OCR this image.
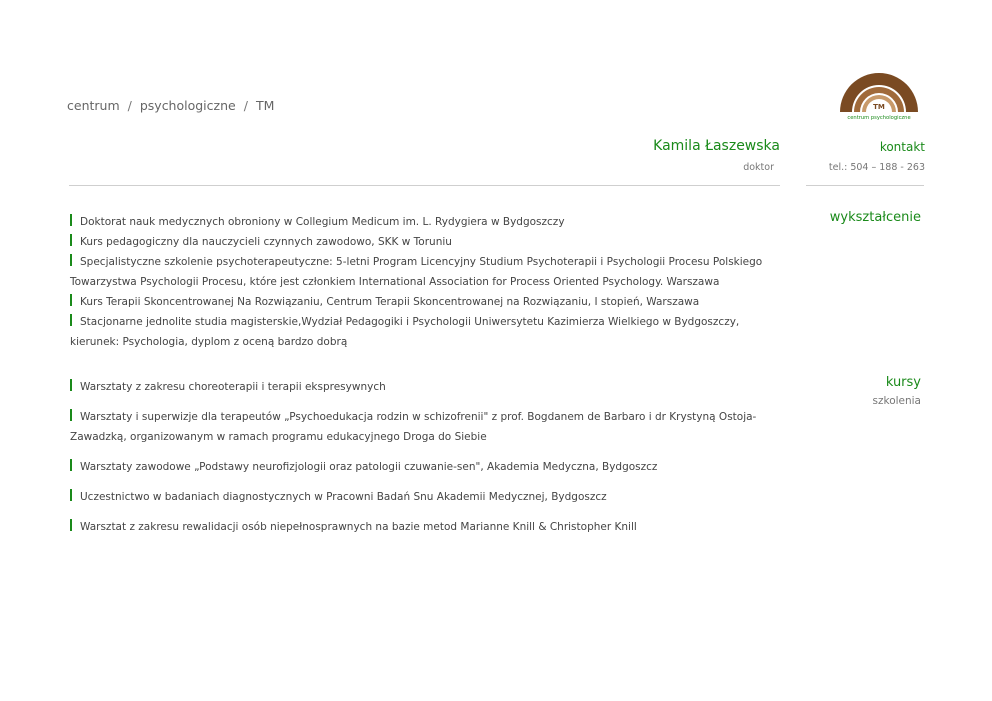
centrum / psychologiczne / TM	TM
centrum psychologiczne
Kamila Łaszewska
doktor
kontakt
tel.: 504 – 188 - 263
wykształcenie
Doktorat nauk medycznych obroniony w Collegium Medicum im. L. Rydygiera w Bydgoszczy
Kurs pedagogiczny dla nauczycieli czynnych zawodowo, SKK w Toruniu
Specjalistyczne szkolenie psychoterapeutyczne: 5-letni Program Licencyjny Studium Psychoterapii i Psychologii Procesu Polskiego Towarzystwa Psychologii Procesu, które jest członkiem International Association for Process Oriented Psychology. Warszawa
Kurs Terapii Skoncentrowanej Na Rozwiązaniu, Centrum Terapii Skoncentrowanej na Rozwiązaniu, I stopień, Warszawa
Stacjonarne jednolite studia magisterskie,Wydział Pedagogiki i Psychologii Uniwersytetu Kazimierza Wielkiego w Bydgoszczy, kierunek: Psychologia, dyplom z oceną bardzo dobrą
kursy
szkolenia
Warsztaty z zakresu choreoterapii i terapii ekspresywnych
Warsztaty i superwizje dla terapeutów „Psychoedukacja rodzin w schizofrenii" z prof. Bogdanem de Barbaro i dr Krystyną Ostoja-Zawadzką, organizowanym w ramach programu edukacyjnego Droga do Siebie
Warsztaty zawodowe „Podstawy neurofizjologii oraz patologii czuwanie-sen", Akademia Medyczna, Bydgoszcz
Uczestnictwo w badaniach diagnostycznych w Pracowni Badań Snu Akademii Medycznej, Bydgoszcz
Warsztat z zakresu rewalidacji osób niepełnosprawnych na bazie metod Marianne Knill & Christopher Knill
